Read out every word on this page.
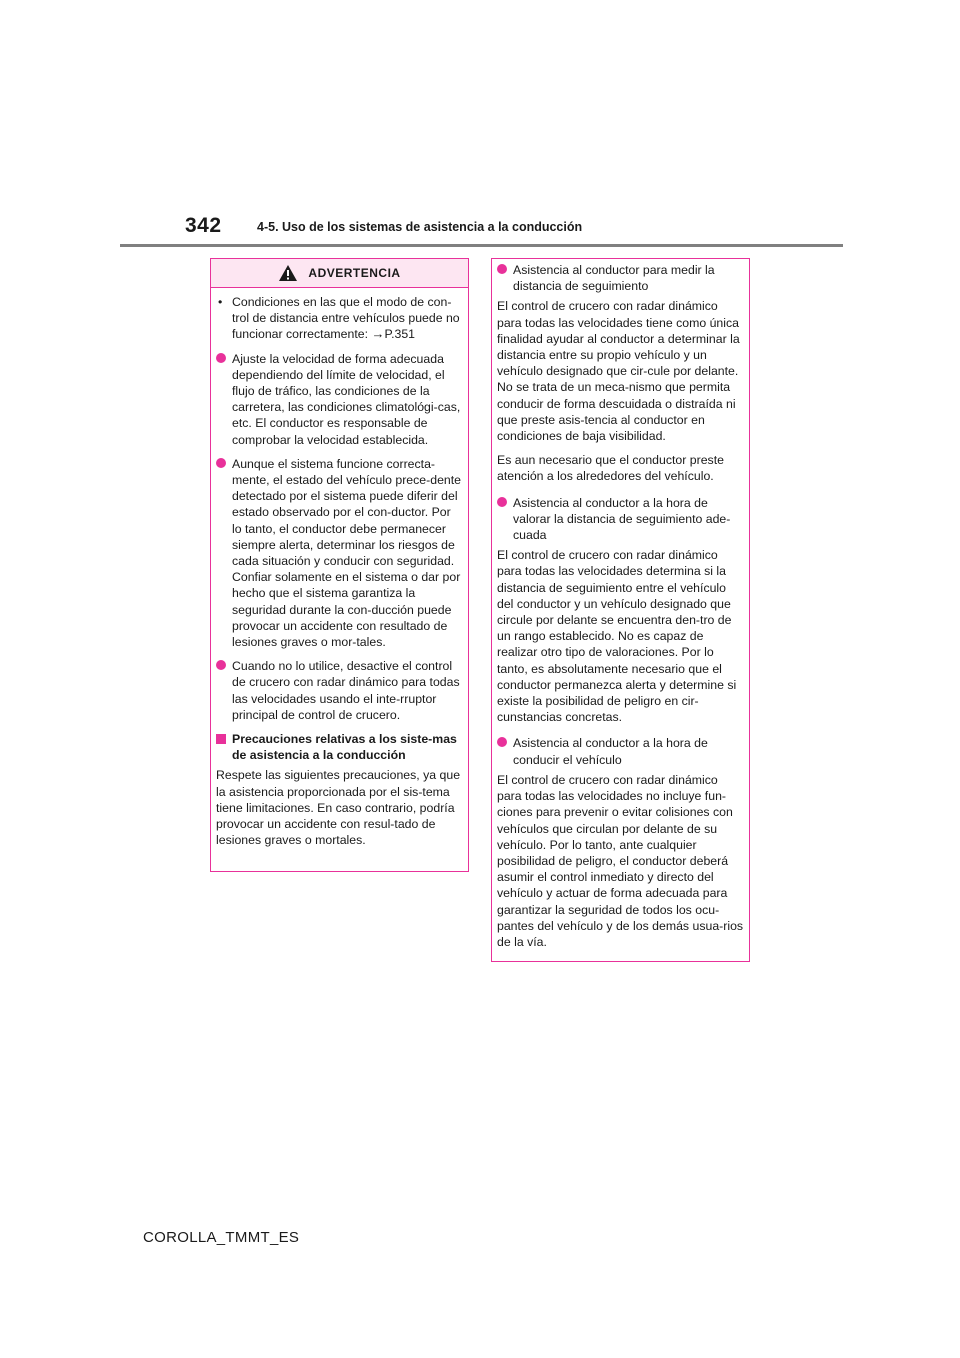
342	4-5. Uso de los sistemas de asistencia a la conducción
ADVERTENCIA
• Condiciones en las que el modo de con-trol de distancia entre vehículos puede no funcionar correctamente: →P.351
Ajuste la velocidad de forma adecuada dependiendo del límite de velocidad, el flujo de tráfico, las condiciones de la carretera, las condiciones climatológi-cas, etc. El conductor es responsable de comprobar la velocidad establecida.
Aunque el sistema funcione correcta-mente, el estado del vehículo prece-dente detectado por el sistema puede diferir del estado observado por el con-ductor. Por lo tanto, el conductor debe permanecer siempre alerta, determinar los riesgos de cada situación y conducir con seguridad. Confiar solamente en el sistema o dar por hecho que el sistema garantiza la seguridad durante la con-ducción puede provocar un accidente con resultado de lesiones graves o mor-tales.
Cuando no lo utilice, desactive el control de crucero con radar dinámico para todas las velocidades usando el inte-rruptor principal de control de crucero.
Precauciones relativas a los siste-mas de asistencia a la conducción
Respete las siguientes precauciones, ya que la asistencia proporcionada por el sis-tema tiene limitaciones. En caso contrario, podría provocar un accidente con resul-tado de lesiones graves o mortales.
Asistencia al conductor para medir la distancia de seguimiento
El control de crucero con radar dinámico para todas las velocidades tiene como única finalidad ayudar al conductor a determinar la distancia entre su propio vehículo y un vehículo designado que cir-cule por delante. No se trata de un meca-nismo que permita conducir de forma descuidada o distraída ni que preste asis-tencia al conductor en condiciones de baja visibilidad.
Es aun necesario que el conductor preste atención a los alrededores del vehículo.
Asistencia al conductor a la hora de valorar la distancia de seguimiento ade-cuada
El control de crucero con radar dinámico para todas las velocidades determina si la distancia de seguimiento entre el vehículo del conductor y un vehículo designado que circule por delante se encuentra den-tro de un rango establecido. No es capaz de realizar otro tipo de valoraciones. Por lo tanto, es absolutamente necesario que el conductor permanezca alerta y determine si existe la posibilidad de peligro en cir-cunstancias concretas.
Asistencia al conductor a la hora de conducir el vehículo
El control de crucero con radar dinámico para todas las velocidades no incluye fun-ciones para prevenir o evitar colisiones con vehículos que circulan por delante de su vehículo. Por lo tanto, ante cualquier posibilidad de peligro, el conductor deberá asumir el control inmediato y directo del vehículo y actuar de forma adecuada para garantizar la seguridad de todos los ocu-pantes del vehículo y de los demás usua-rios de la vía.
COROLLA_TMMT_ES
